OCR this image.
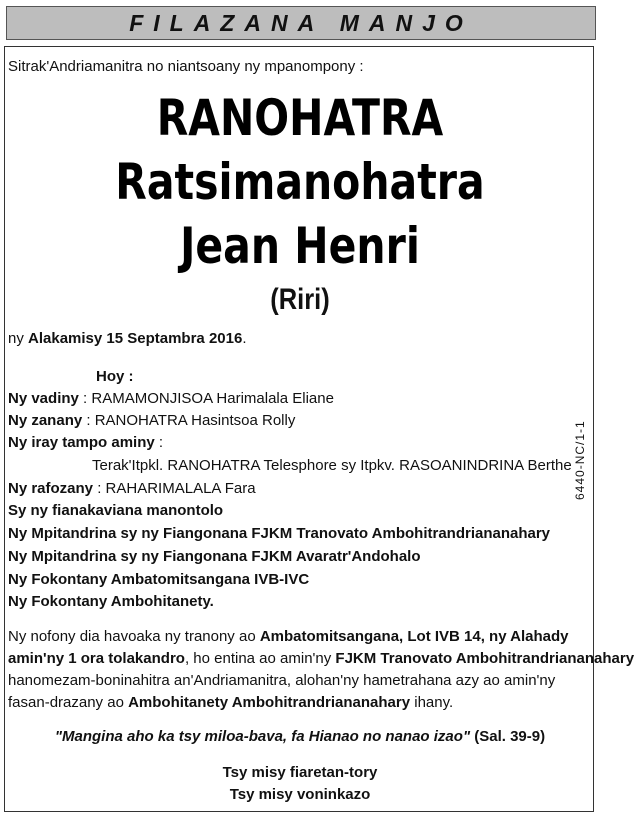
FILAZANA MANJO
Sitrak'Andriamanitra no niantsoany ny mpanompony :
RANOHATRA
Ratsimanohatra
Jean Henri
(Riri)
ny Alakamisy 15 Septambra 2016.
Hoy :
Ny vadiny : RAMAMONJISOA Harimalala Eliane
Ny zanany : RANOHATRA Hasintsoa Rolly
Ny iray tampo aminy :
Terak'Itpkl. RANOHATRA Telesphore sy Itpkv. RASOANINDRINA Berthe
Ny rafozany : RAHARIMALALA Fara
Sy ny fianakaviana manontolo
Ny Mpitandrina sy ny Fiangonana FJKM Tranovato Ambohitrandriananahary
Ny Mpitandrina sy ny Fiangonana FJKM Avaratr'Andohalo
Ny Fokontany Ambatomitsangana IVB-IVC
Ny Fokontany Ambohitanety.
6440-NC/1-1
Ny nofony dia havoaka ny tranony ao Ambatomitsangana, Lot IVB 14, ny Alahady
amin'ny 1 ora tolakandro, ho entina ao amin'ny FJKM Tranovato Ambohitrandriananahary
hanomezam-boninahitra an'Andriamanitra, alohan'ny hametrahana azy ao amin'ny
fasan-drazany ao Ambohitanety Ambohitrandriananahary ihany.
"Mangina aho ka tsy miloa-bava, fa Hianao no nanao izao" (Sal. 39-9)
Tsy misy fiaretan-tory
Tsy misy voninkazo
